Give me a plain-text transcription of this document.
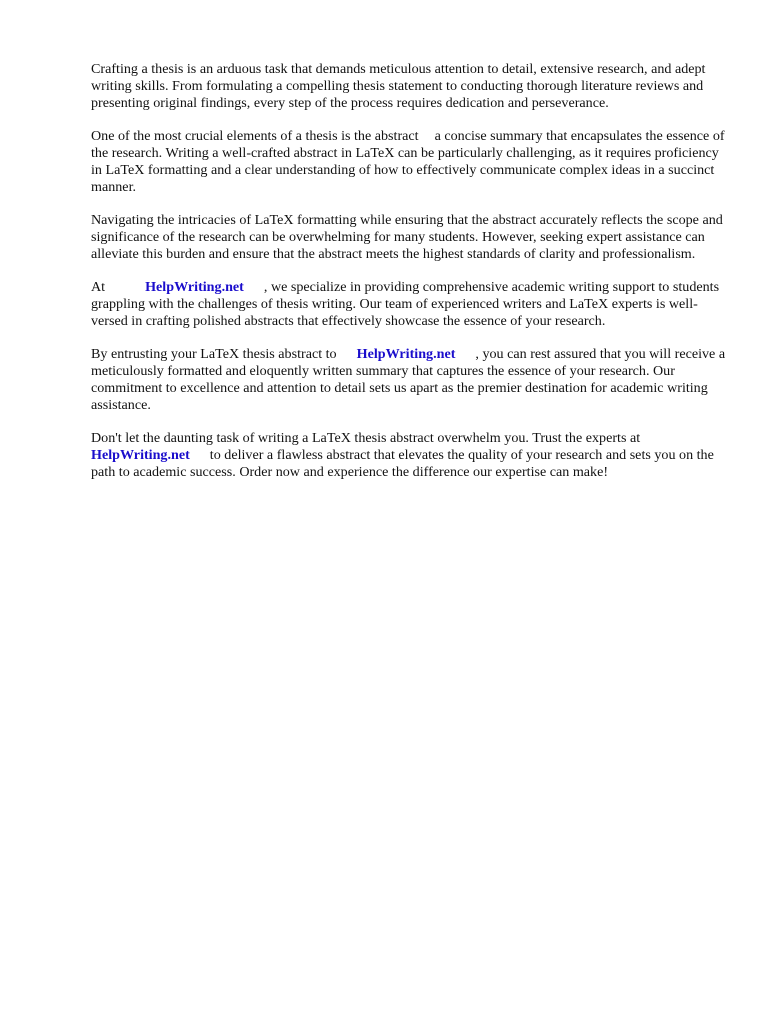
Crafting a thesis is an arduous task that demands meticulous attention to detail, extensive research, and adept writing skills. From formulating a compelling thesis statement to conducting thorough literature reviews and presenting original findings, every step of the process requires dedication and perseverance.

One of the most crucial elements of a thesis is the abstract a concise summary that encapsulates the essence of the research. Writing a well-crafted abstract in LaTeX can be particularly challenging, as it requires proficiency in LaTeX formatting and a clear understanding of how to effectively communicate complex ideas in a succinct manner.

Navigating the intricacies of LaTeX formatting while ensuring that the abstract accurately reflects the scope and significance of the research can be overwhelming for many students. However, seeking expert assistance can alleviate this burden and ensure that the abstract meets the highest standards of clarity and professionalism.

At	HelpWriting.net , we specialize in providing comprehensive academic writing support to students grappling with the challenges of thesis writing. Our team of experienced writers and LaTeX experts is well-versed in crafting polished abstracts that effectively showcase the essence of your research.

By entrusting your LaTeX thesis abstract to HelpWriting.net , you can rest assured that you will receive a meticulously formatted and eloquently written summary that captures the essence of your research. Our commitment to excellence and attention to detail sets us apart as the premier destination for academic writing assistance.

Don't let the daunting task of writing a LaTeX thesis abstract overwhelm you. Trust the experts at HelpWriting.net to deliver a flawless abstract that elevates the quality of your research and sets you on the path to academic success. Order now and experience the difference our expertise can make!
